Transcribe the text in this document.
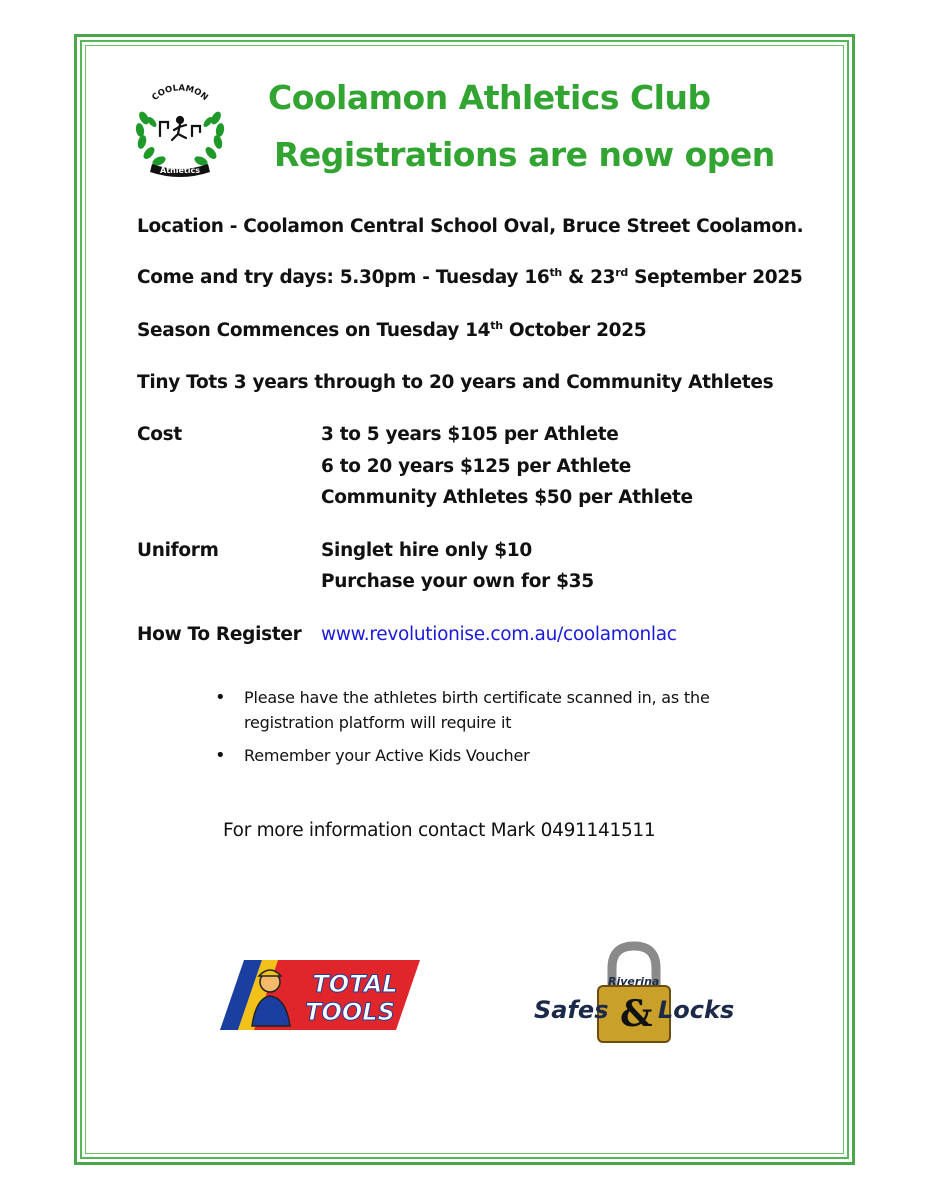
COOLAMON
Athletics
Coolamon Athletics Club
Registrations are now open
Location - Coolamon Central School Oval, Bruce Street Coolamon.
Come and try days: 5.30pm - Tuesday 16th & 23rd September 2025
Season Commences on Tuesday 14th October 2025
Tiny Tots 3 years through to 20 years and Community Athletes
Cost	3 to 5 years $105 per Athlete
6 to 20 years $125 per Athlete
Community Athletes $50 per Athlete
Uniform	Singlet hire only $10
Purchase your own for $35
How To Register www.revolutionise.com.au/coolamonlac
• Please have the athletes birth certificate scanned in, as the registration platform will require it
• Remember your Active Kids Voucher
For more information contact Mark 0491141511
TOTAL
TOOLS
Riverina
Safes & Locks
